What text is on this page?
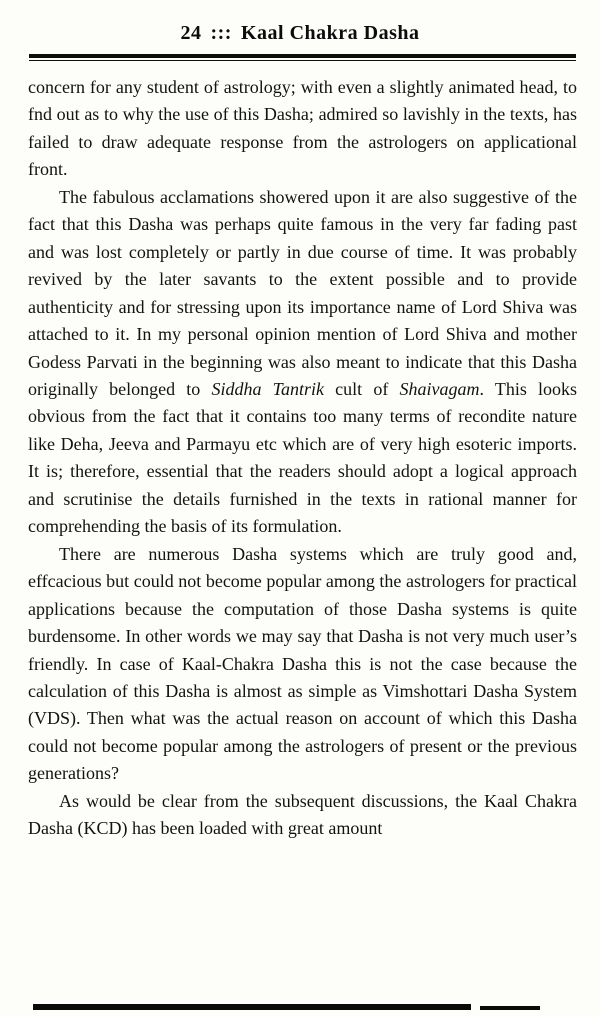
24 ::: Kaal Chakra Dasha

concern for any student of astrology; with even a slightly animated head, to fnd out as to why the use of this Dasha; admired so lavishly in the texts, has failed to draw adequate response from the astrologers on applicational front.

The fabulous acclamations showered upon it are also suggestive of the fact that this Dasha was perhaps quite famous in the very far fading past and was lost completely or partly in due course of time. It was probably revived by the later savants to the extent possible and to provide authenticity and for stressing upon its importance name of Lord Shiva was attached to it. In my personal opinion mention of Lord Shiva and mother Godess Parvati in the beginning was also meant to indicate that this Dasha originally belonged to Siddha Tantrik cult of Shaivagam. This looks obvious from the fact that it contains too many terms of recondite nature like Deha, Jeeva and Parmayu etc which are of very high esoteric imports. It is; therefore, essential that the readers should adopt a logical approach and scrutinise the details furnished in the texts in rational manner for comprehending the basis of its formulation.

There are numerous Dasha systems which are truly good and, effcacious but could not become popular among the astrologers for practical applications because the computation of those Dasha systems is quite burdensome. In other words we may say that Dasha is not very much user’s friendly. In case of Kaal-Chakra Dasha this is not the case because the calculation of this Dasha is almost as simple as Vimshottari Dasha System (VDS). Then what was the actual reason on account of which this Dasha could not become popular among the astrologers of present or the previous generations?

As would be clear from the subsequent discussions, the Kaal Chakra Dasha (KCD) has been loaded with great amount
